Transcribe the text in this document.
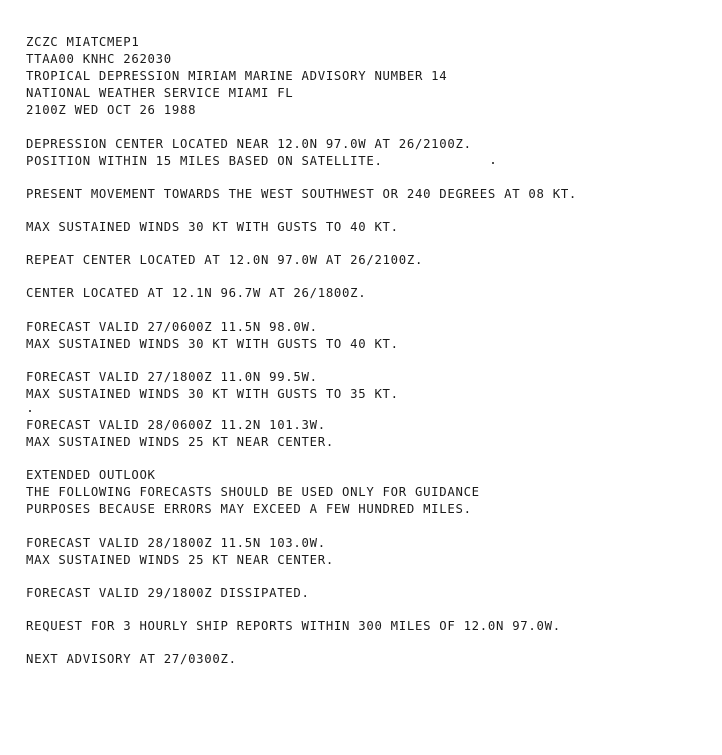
ZCZC MIATCMEP1

TTAA00 KNHC 262030

TROPICAL DEPRESSION MIRIAM MARINE ADVISORY NUMBER 14

NATIONAL WEATHER SERVICE MIAMI FL

2100Z WED OCT 26 1988

DEPRESSION CENTER LOCATED NEAR 12.0N 97.0W AT 26/2100Z.

POSITION WITHIN 15 MILES BASED ON SATELLITE.

PRESENT MOVEMENT TOWARDS THE WEST SOUTHWEST OR 240 DEGREES AT 08 KT.

MAX SUSTAINED WINDS 30 KT WITH GUSTS TO 40 KT.

REPEAT CENTER LOCATED AT 12.0N 97.0W AT 26/2100Z.

CENTER LOCATED AT 12.1N 96.7W AT 26/1800Z.

FORECAST VALID 27/0600Z 11.5N 98.0W.

MAX SUSTAINED WINDS 30 KT WITH GUSTS TO 40 KT.

FORECAST VALID 27/1800Z 11.0N 99.5W.

MAX SUSTAINED WINDS 30 KT WITH GUSTS TO 35 KT.

FORECAST VALID 28/0600Z 11.2N 101.3W.

MAX SUSTAINED WINDS 25 KT NEAR CENTER.

EXTENDED OUTLOOK

THE FOLLOWING FORECASTS SHOULD BE USED ONLY FOR GUIDANCE

PURPOSES BECAUSE ERRORS MAY EXCEED A FEW HUNDRED MILES.

FORECAST VALID 28/1800Z 11.5N 103.0W.

MAX SUSTAINED WINDS 25 KT NEAR CENTER.

FORECAST VALID 29/1800Z DISSIPATED.

REQUEST FOR 3 HOURLY SHIP REPORTS WITHIN 300 MILES OF 12.0N 97.0W.

NEXT ADVISORY AT 27/0300Z.
